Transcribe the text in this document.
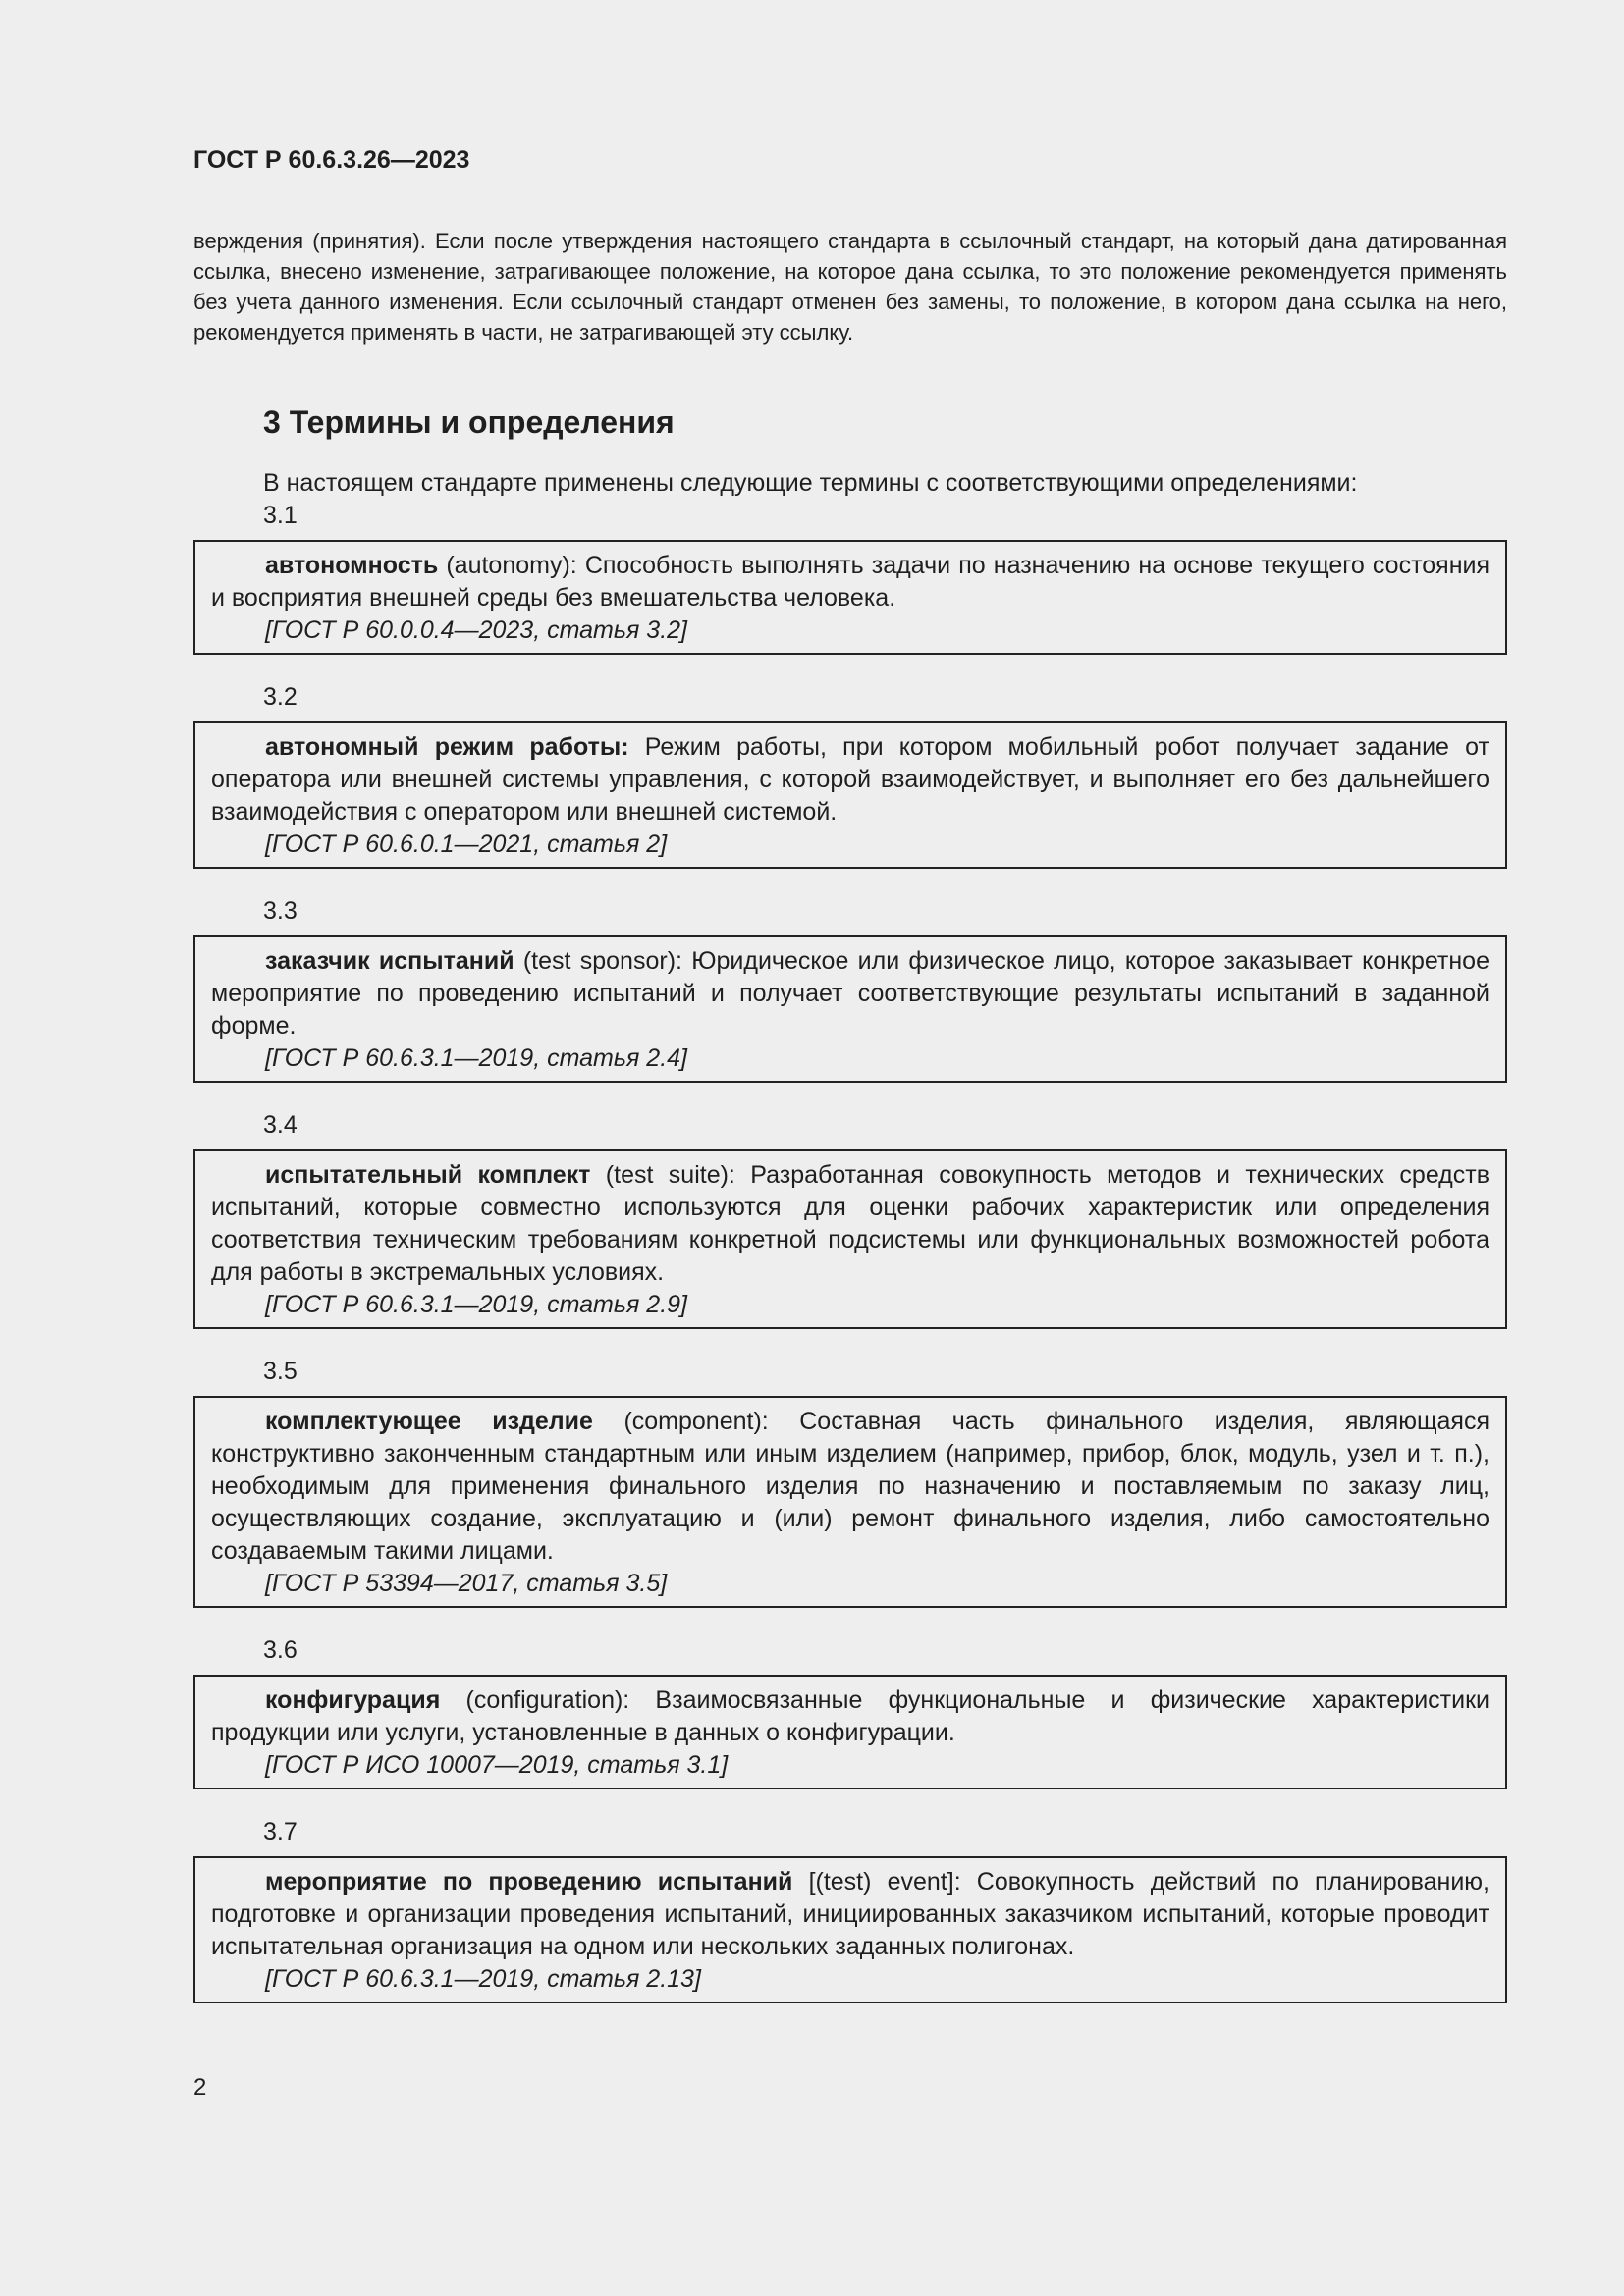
ГОСТ Р 60.6.3.26—2023
верждения (принятия). Если после утверждения настоящего стандарта в ссылочный стандарт, на который дана датированная ссылка, внесено изменение, затрагивающее положение, на которое дана ссылка, то это положение рекомендуется применять без учета данного изменения. Если ссылочный стандарт отменен без замены, то положение, в котором дана ссылка на него, рекомендуется применять в части, не затрагивающей эту ссылку.
3 Термины и определения
В настоящем стандарте применены следующие термины с соответствующими определениями:
3.1

автономность (autonomy): Способность выполнять задачи по назначению на основе текущего состояния и восприятия внешней среды без вмешательства человека.

[ГОСТ Р 60.0.0.4—2023, статья 3.2]

3.2

автономный режим работы: Режим работы, при котором мобильный робот получает задание от оператора или внешней системы управления, с которой взаимодействует, и выполняет его без дальнейшего взаимодействия с оператором или внешней системой.

[ГОСТ Р 60.6.0.1—2021, статья 2]

3.3

заказчик испытаний (test sponsor): Юридическое или физическое лицо, которое заказывает конкретное мероприятие по проведению испытаний и получает соответствующие результаты испытаний в заданной форме.

[ГОСТ Р 60.6.3.1—2019, статья 2.4]

3.4

испытательный комплект (test suite): Разработанная совокупность методов и технических средств испытаний, которые совместно используются для оценки рабочих характеристик или определения соответствия техническим требованиям конкретной подсистемы или функциональных возможностей робота для работы в экстремальных условиях.

[ГОСТ Р 60.6.3.1—2019, статья 2.9]

3.5

комплектующее изделие (component): Составная часть финального изделия, являющаяся конструктивно законченным стандартным или иным изделием (например, прибор, блок, модуль, узел и т. п.), необходимым для применения финального изделия по назначению и поставляемым по заказу лиц, осуществляющих создание, эксплуатацию и (или) ремонт финального изделия, либо самостоятельно создаваемым такими лицами.

[ГОСТ Р 53394—2017, статья 3.5]

3.6

конфигурация (configuration): Взаимосвязанные функциональные и физические характеристики продукции или услуги, установленные в данных о конфигурации.

[ГОСТ Р ИСО 10007—2019, статья 3.1]

3.7

мероприятие по проведению испытаний [(test) event]: Совокупность действий по планированию, подготовке и организации проведения испытаний, инициированных заказчиком испытаний, которые проводит испытательная организация на одном или нескольких заданных полигонах.

[ГОСТ Р 60.6.3.1—2019, статья 2.13]

2
